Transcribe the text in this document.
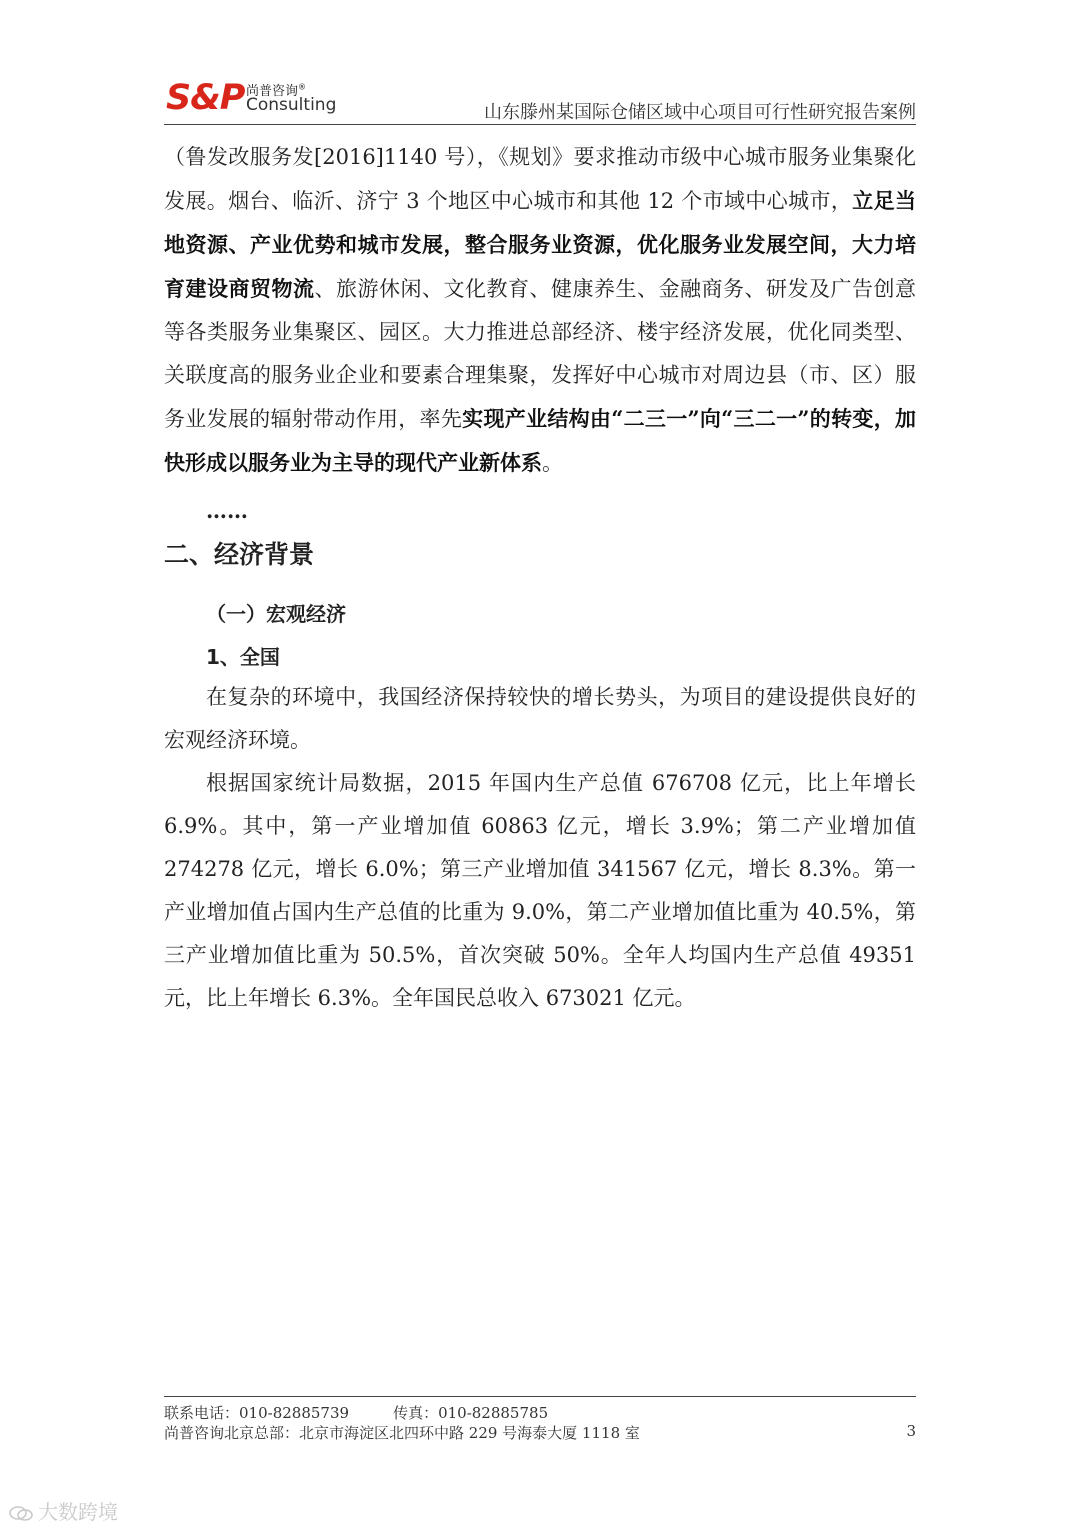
S&P 尚普咨询®
Consulting	山东滕州某国际仓储区域中心项目可行性研究报告案例

（鲁发改服务发[2016]1140 号），《规划》要求推动市级中心城市服务业集聚化发展。烟台、临沂、济宁 3 个地区中心城市和其他 12 个市域中心城市，立足当地资源、产业优势和城市发展，整合服务业资源，优化服务业发展空间，大力培育建设商贸物流、旅游休闲、文化教育、健康养生、金融商务、研发及广告创意等各类服务业集聚区、园区。大力推进总部经济、楼宇经济发展，优化同类型、关联度高的服务业企业和要素合理集聚，发挥好中心城市对周边县（市、区）服务业发展的辐射带动作用，率先实现产业结构由“二三一”向“三二一”的转变，加快形成以服务业为主导的现代产业新体系。

……

二、经济背景
（一）宏观经济
1、全国

在复杂的环境中，我国经济保持较快的增长势头，为项目的建设提供良好的宏观经济环境。

根据国家统计局数据，2015 年国内生产总值 676708 亿元，比上年增长 6.9%。其中，第一产业增加值 60863 亿元，增长 3.9%；第二产业增加值 274278 亿元，增长 6.0%；第三产业增加值 341567 亿元，增长 8.3%。第一产业增加值占国内生产总值的比重为 9.0%，第二产业增加值比重为 40.5%，第三产业增加值比重为 50.5%，首次突破 50%。全年人均国内生产总值 49351 元，比上年增长 6.3%。全年国民总收入 673021 亿元。

联系电话：010-82885739	传真：010-82885785
尚普咨询北京总部：北京市海淀区北四环中路 229 号海泰大厦 1118 室	3
大数跨境
